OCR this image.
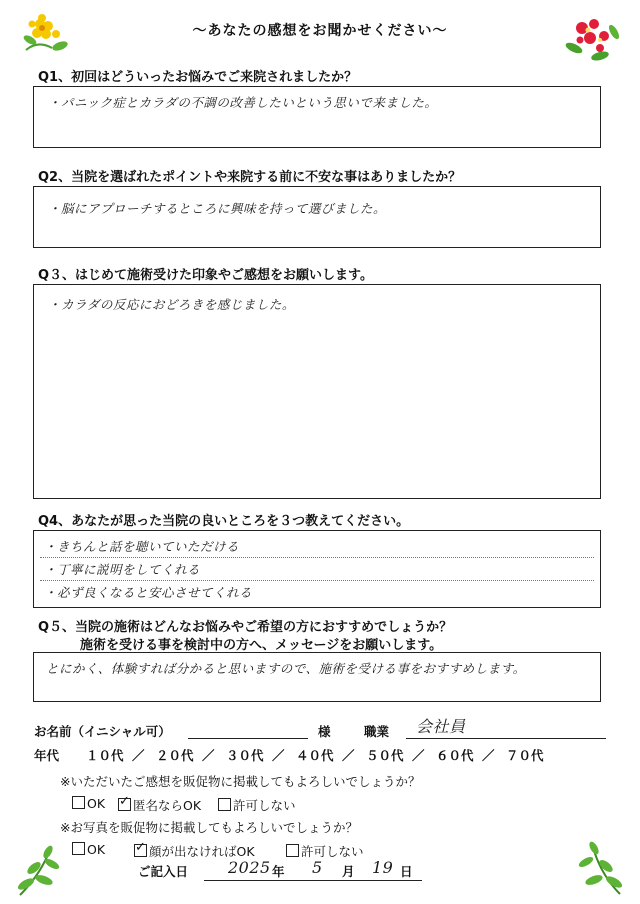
〜あなたの感想をお聞かせください〜
Q1、初回はどういったお悩みでご来院されましたか？
・パニック症とカラダの不調の改善したいという思いで来ました。
Q2、当院を選ばれたポイントや来院する前に不安な事はありましたか？
・脳にアプローチするところに興味を持って選びました。
Q３、はじめて施術受けた印象やご感想をお願いします。
・カラダの反応におどろきを感じました。
Q4、あなたが思った当院の良いところを３つ教えてください。
・きちんと話を聴いていただける
・丁寧に説明をしてくれる
・必ず良くなると安心させてくれる
Q５、当院の施術はどんなお悩みやご希望の方におすすめでしょうか？
施術を受ける事を検討中の方へ、メッセージをお願いします。
とにかく、体験すれば分かると思いますので、施術を受ける事をおすすめします。
お名前（イニシャル可）	様	職業 会社員
年代 １０代 ／ ２０代 ／ ３０代 ／ ４０代 ／ ５０代 ／ ６０代 ／ ７０代
※いただいたご感想を販促物に掲載してもよろしいでしょうか？
OK ✓	匿名ならOK	許可しない
※お写真を販促物に掲載してもよろしいでしょうか？
OK ✓	顔が出なければOK	許可しない
ご記入日 2025 年 5 月 19 日
